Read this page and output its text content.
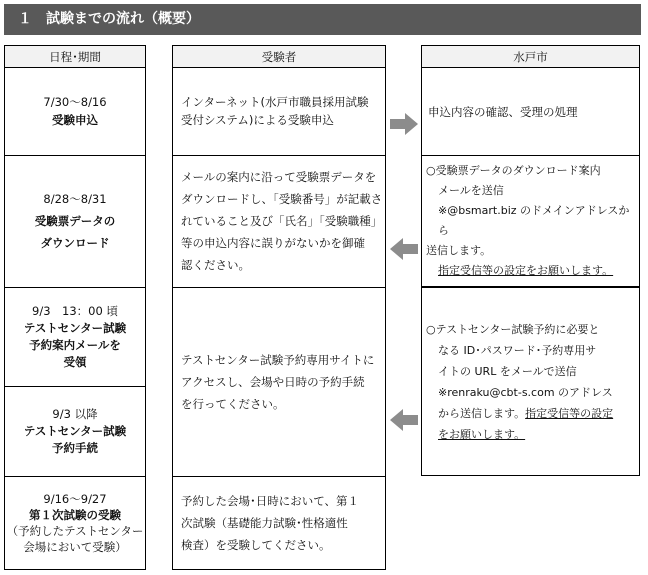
１　試験までの流れ（概要）
日程･期間	受験者	水戸市
7/30～8/16
受験申込
8/28～8/31
受験票データの
ダウンロード
9/3　13：00 頃
テストセンター試験
予約案内メールを
受領
9/3 以降
テストセンター試験
予約手続
9/16～9/27
第１次試験の受験
（予約したテストセンター
会場において受験）
インターネット(水戸市職員採用試験
受付システム)による受験申込
メールの案内に沿って受験票データを
ダウンロードし、「受験番号」が記載さ
れていること及び「氏名」「受験職種」
等の申込内容に誤りがないかを御確
認ください。
テストセンター試験予約専用サイトに
アクセスし、会場や日時の予約手続
を行ってください。
予約した会場･日時において、第１
次試験（基礎能力試験･性格適性
検査）を受験してください。
申込内容の確認、受理の処理
○受験票データのダウンロード案内
メールを送信
※@bsmart.biz のドメインアドレスから
送信します。
指定受信等の設定をお願いします。
○テストセンター試験予約に必要と
なる ID･パスワード･予約専用サ
イトの URL をメールで送信
※renraku@cbt-s.com のアドレス
から送信します。指定受信等の設定
をお願いします。
